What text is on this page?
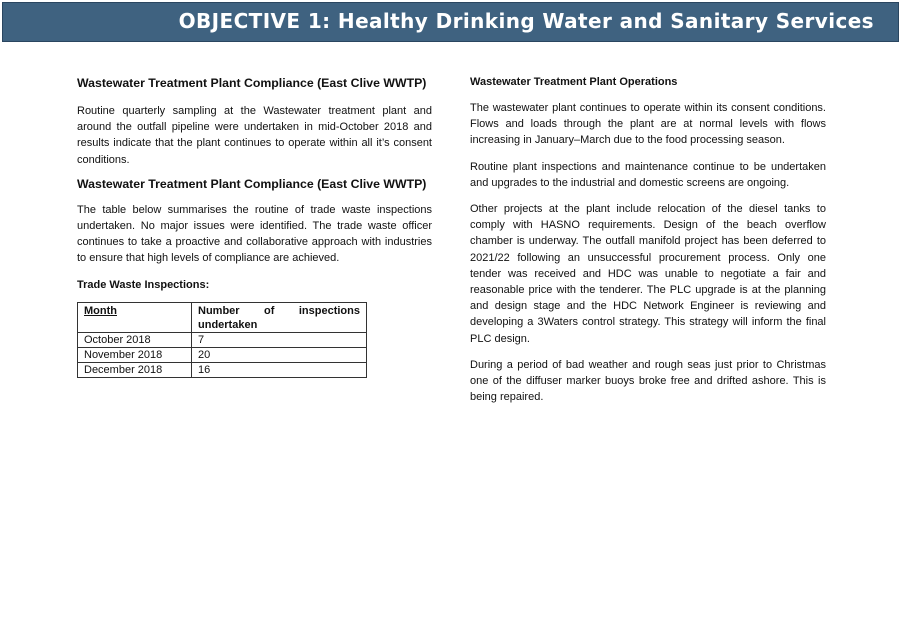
OBJECTIVE 1: Healthy Drinking Water and Sanitary Services
Wastewater Treatment Plant Compliance (East Clive WWTP)

Routine quarterly sampling at the Wastewater treatment plant and around the outfall pipeline were undertaken in mid-October 2018 and results indicate that the plant continues to operate within all it’s consent conditions.

Wastewater Treatment Plant Compliance (East Clive WWTP)

The table below summarises the routine of trade waste inspections undertaken. No major issues were identified. The trade waste officer continues to take a proactive and collaborative approach with industries to ensure that high levels of compliance are achieved.

Trade Waste Inspections:
Month	Number of inspections undertaken
October 2018	7
November 2018	20
December 2018	16
Wastewater Treatment Plant Operations

The wastewater plant continues to operate within its consent conditions. Flows and loads through the plant are at normal levels with flows increasing in January–March due to the food processing season.

Routine plant inspections and maintenance continue to be undertaken and upgrades to the industrial and domestic screens are ongoing.

Other projects at the plant include relocation of the diesel tanks to comply with HASNO requirements. Design of the beach overflow chamber is underway. The outfall manifold project has been deferred to 2021/22 following an unsuccessful procurement process. Only one tender was received and HDC was unable to negotiate a fair and reasonable price with the tenderer. The PLC upgrade is at the planning and design stage and the HDC Network Engineer is reviewing and developing a 3Waters control strategy. This strategy will inform the final PLC design.

During a period of bad weather and rough seas just prior to Christmas one of the diffuser marker buoys broke free and drifted ashore. This is being repaired.
